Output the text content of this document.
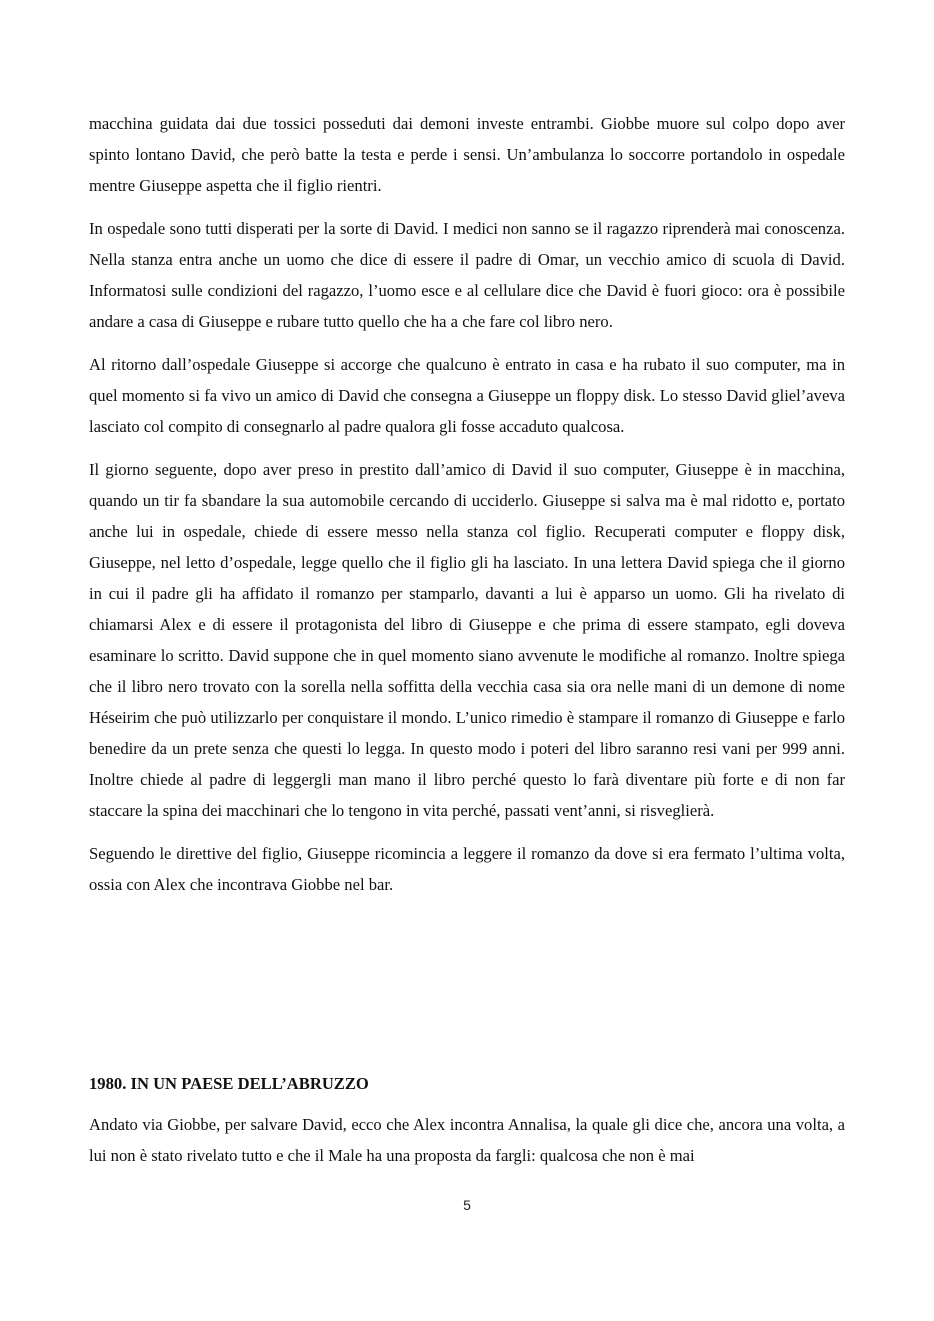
macchina guidata dai due tossici posseduti dai demoni investe entrambi. Giobbe muore sul colpo dopo aver spinto lontano David, che però batte la testa e perde i sensi. Un’ambulanza lo soccorre portandolo in ospedale mentre Giuseppe aspetta che il figlio rientri.

In ospedale sono tutti disperati per la sorte di David. I medici non sanno se il ragazzo riprenderà mai conoscenza. Nella stanza entra anche un uomo che dice di essere il padre di Omar, un vecchio amico di scuola di David. Informatosi sulle condizioni del ragazzo, l’uomo esce e al cellulare dice che David è fuori gioco: ora è possibile andare a casa di Giuseppe e rubare tutto quello che ha a che fare col libro nero.

Al ritorno dall’ospedale Giuseppe si accorge che qualcuno è entrato in casa e ha rubato il suo computer, ma in quel momento si fa vivo un amico di David che consegna a Giuseppe un floppy disk. Lo stesso David gliel’aveva lasciato col compito di consegnarlo al padre qualora gli fosse accaduto qualcosa.

Il giorno seguente, dopo aver preso in prestito dall’amico di David il suo computer, Giuseppe è in macchina, quando un tir fa sbandare la sua automobile cercando di ucciderlo. Giuseppe si salva ma è mal ridotto e, portato anche lui in ospedale, chiede di essere messo nella stanza col figlio. Recuperati computer e floppy disk, Giuseppe, nel letto d’ospedale, legge quello che il figlio gli ha lasciato. In una lettera David spiega che il giorno in cui il padre gli ha affidato il romanzo per stamparlo, davanti a lui è apparso un uomo. Gli ha rivelato di chiamarsi Alex e di essere il protagonista del libro di Giuseppe e che prima di essere stampato, egli doveva esaminare lo scritto. David suppone che in quel momento siano avvenute le modifiche al romanzo. Inoltre spiega che il libro nero trovato con la sorella nella soffitta della vecchia casa sia ora nelle mani di un demone di nome Héseirim che può utilizzarlo per conquistare il mondo. L’unico rimedio è stampare il romanzo di Giuseppe e farlo benedire da un prete senza che questi lo legga. In questo modo i poteri del libro saranno resi vani per 999 anni. Inoltre chiede al padre di leggergli man mano il libro perché questo lo farà diventare più forte e di non far staccare la spina dei macchinari che lo tengono in vita perché, passati vent’anni, si risveglierà.

Seguendo le direttive del figlio, Giuseppe ricomincia a leggere il romanzo da dove si era fermato l’ultima volta, ossia con Alex che incontrava Giobbe nel bar.

1980. IN UN PAESE DELL’ABRUZZO

Andato via Giobbe, per salvare David, ecco che Alex incontra Annalisa, la quale gli dice che, ancora una volta, a lui non è stato rivelato tutto e che il Male ha una proposta da fargli: qualcosa che non è mai

5
